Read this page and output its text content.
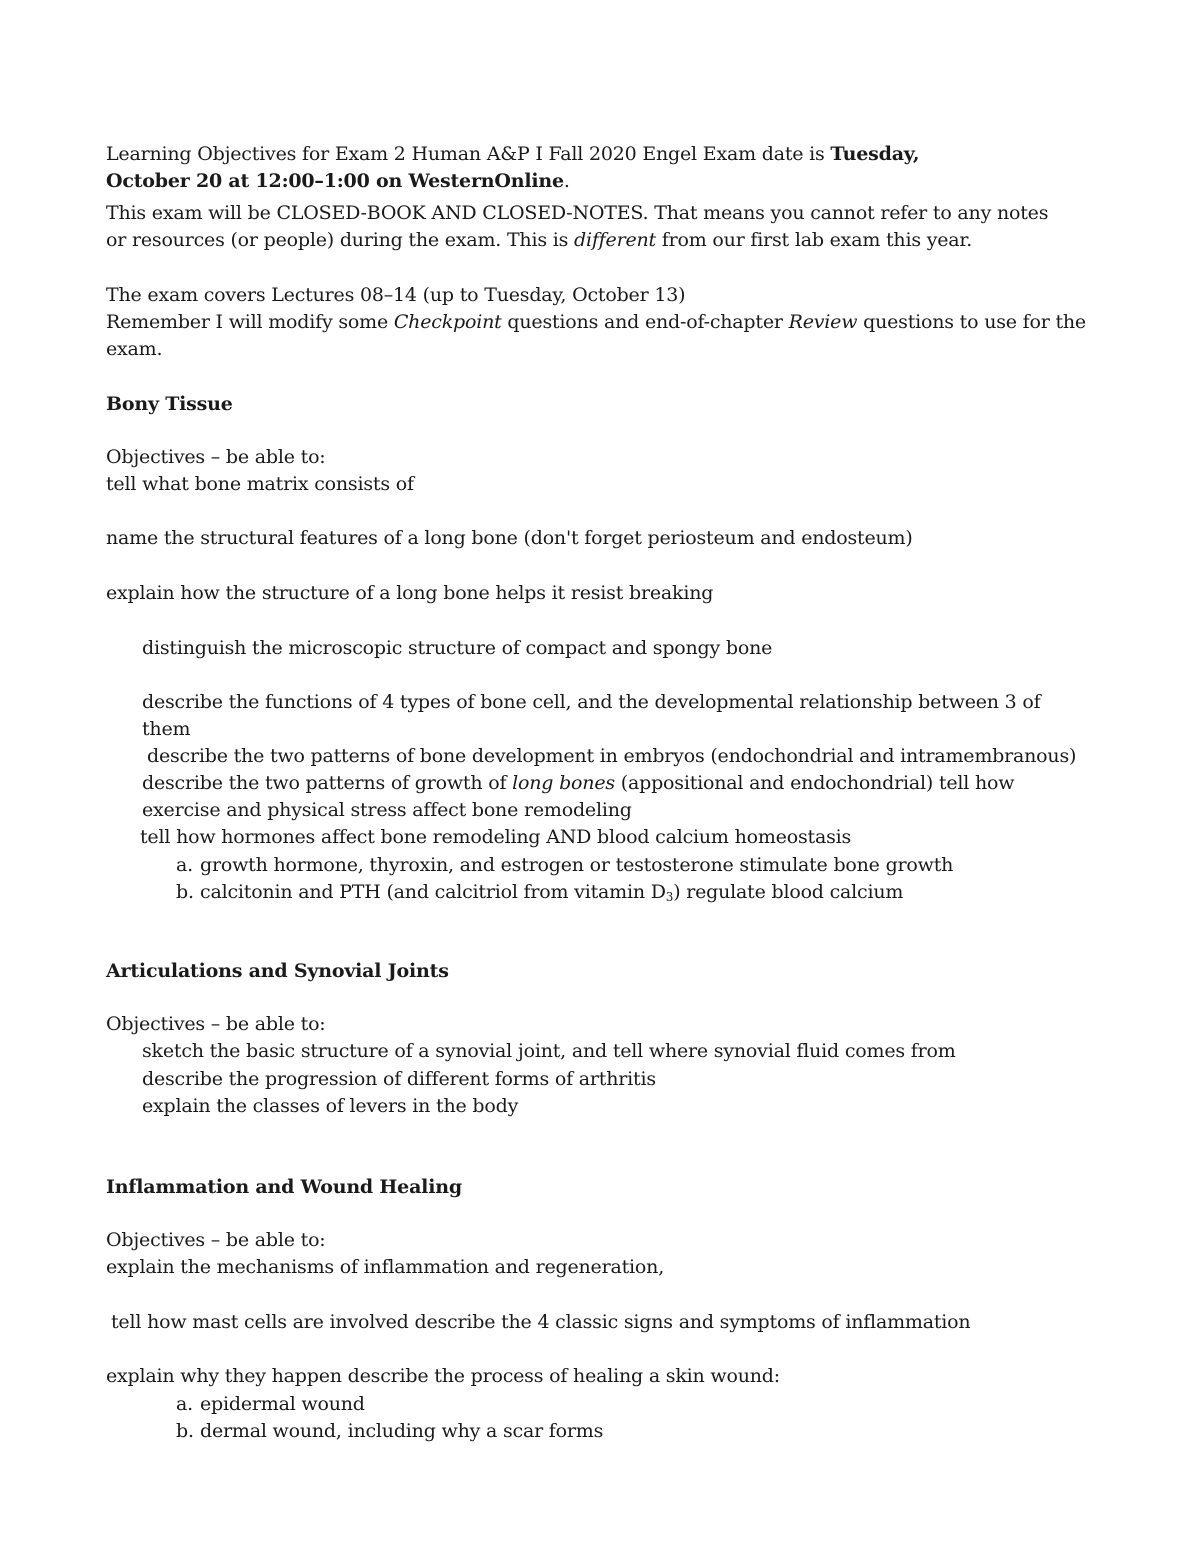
Learning Objectives for Exam 2 Human A&P I Fall 2020 Engel Exam date is Tuesday,

October 20 at 12:00–1:00 on WesternOnline.

This exam will be CLOSED-BOOK AND CLOSED-NOTES. That means you cannot refer to any notes

or resources (or people) during the exam. This is different from our first lab exam this year.

The exam covers Lectures 08–14 (up to Tuesday, October 13)

Remember I will modify some Checkpoint questions and end-of-chapter Review questions to use for the

exam.

Bony Tissue

Objectives – be able to:

tell what bone matrix consists of

name the structural features of a long bone (don't forget periosteum and endosteum)

explain how the structure of a long bone helps it resist breaking

distinguish the microscopic structure of compact and spongy bone

describe the functions of 4 types of bone cell, and the developmental relationship between 3 of

them

describe the two patterns of bone development in embryos (endochondrial and intramembranous)

describe the two patterns of growth of long bones (appositional and endochondrial) tell how

exercise and physical stress affect bone remodeling

tell how hormones affect bone remodeling AND blood calcium homeostasis

a. growth hormone, thyroxin, and estrogen or testosterone stimulate bone growth

b. calcitonin and PTH (and calcitriol from vitamin $D_3$) regulate blood calcium

Articulations and Synovial Joints

Objectives – be able to:

sketch the basic structure of a synovial joint, and tell where synovial fluid comes from

describe the progression of different forms of arthritis

explain the classes of levers in the body

Inflammation and Wound Healing

Objectives – be able to:

explain the mechanisms of inflammation and regeneration,

tell how mast cells are involved describe the 4 classic signs and symptoms of inflammation

explain why they happen describe the process of healing a skin wound:

a. epidermal wound

b. dermal wound, including why a scar forms
